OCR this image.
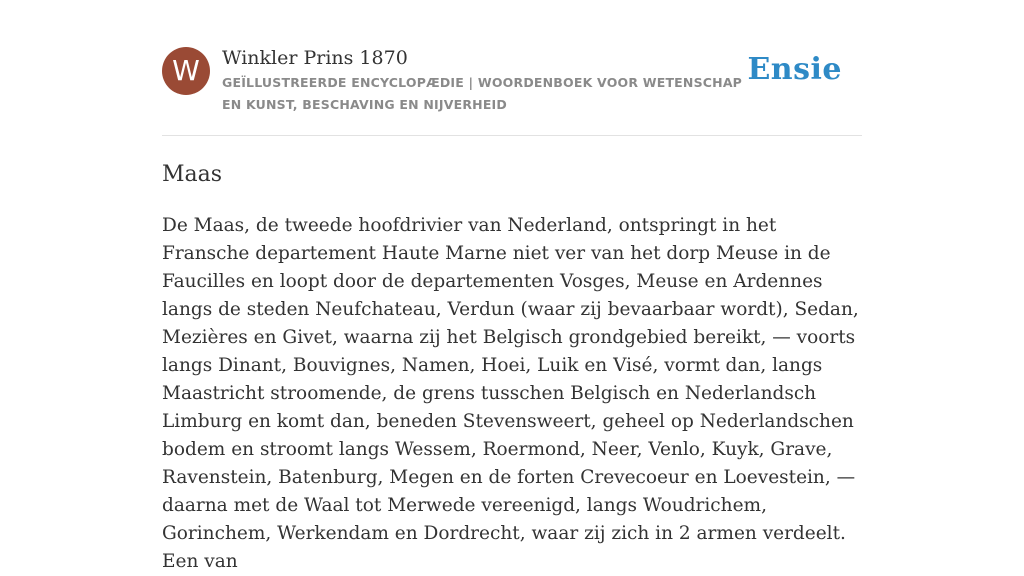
W	Winkler Prins 1870
GEÏLLUSTREERDE ENCYCLOPÆDIE | WOORDENBOEK VOOR WETENSCHAP EN KUNST, BESCHAVING EN NIJVERHEID
Ensie
Maas

De Maas, de tweede hoofdrivier van Nederland, ontspringt in het Fransche departement Haute Marne niet ver van het dorp Meuse in de Faucilles en loopt door de departementen Vosges, Meuse en Ardennes langs de steden Neufchateau, Verdun (waar zij bevaarbaar wordt), Sedan, Mezières en Givet, waarna zij het Belgisch grondgebied bereikt, — voorts langs Dinant, Bouvignes, Namen, Hoei, Luik en Visé, vormt dan, langs Maastricht stroomende, de grens tusschen Belgisch en Nederlandsch Limburg en komt dan, beneden Stevensweert, geheel op Nederlandschen bodem en stroomt langs Wessem, Roermond, Neer, Venlo, Kuyk, Grave, Ravenstein, Batenburg, Megen en de forten Crevecoeur en Loevestein, — daarna met de Waal tot Merwede vereenigd, langs Woudrichem, Gorinchem, Werkendam en Dordrecht, waar zij zich in 2 armen verdeelt. Een van
